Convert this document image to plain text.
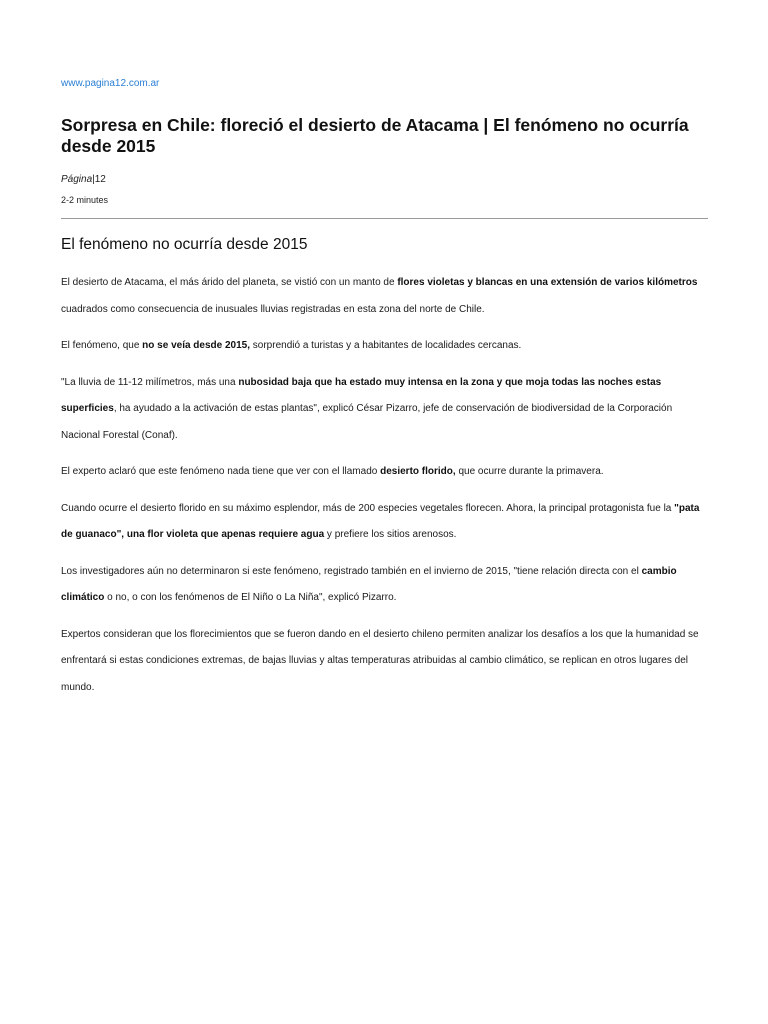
www.pagina12.com.ar
Sorpresa en Chile: floreció el desierto de Atacama | El fenómeno no ocurría desde 2015
Página|12
2-2 minutes
El fenómeno no ocurría desde 2015

El desierto de Atacama, el más árido del planeta, se vistió con un manto de flores violetas y blancas en una extensión de varios kilómetros cuadrados como consecuencia de inusuales lluvias registradas en esta zona del norte de Chile.

El fenómeno, que no se veía desde 2015, sorprendió a turistas y a habitantes de localidades cercanas.

"La lluvia de 11-12 milímetros, más una nubosidad baja que ha estado muy intensa en la zona y que moja todas las noches estas superficies, ha ayudado a la activación de estas plantas", explicó César Pizarro, jefe de conservación de biodiversidad de la Corporación Nacional Forestal (Conaf).

El experto aclaró que este fenómeno nada tiene que ver con el llamado desierto florido, que ocurre durante la primavera.

Cuando ocurre el desierto florido en su máximo esplendor, más de 200 especies vegetales florecen. Ahora, la principal protagonista fue la "pata de guanaco", una flor violeta que apenas requiere agua y prefiere los sitios arenosos.

Los investigadores aún no determinaron si este fenómeno, registrado también en el invierno de 2015, "tiene relación directa con el cambio climático o no, o con los fenómenos de El Niño o La Niña", explicó Pizarro.

Expertos consideran que los florecimientos que se fueron dando en el desierto chileno permiten analizar los desafíos a los que la humanidad se enfrentará si estas condiciones extremas, de bajas lluvias y altas temperaturas atribuidas al cambio climático, se replican en otros lugares del mundo.
